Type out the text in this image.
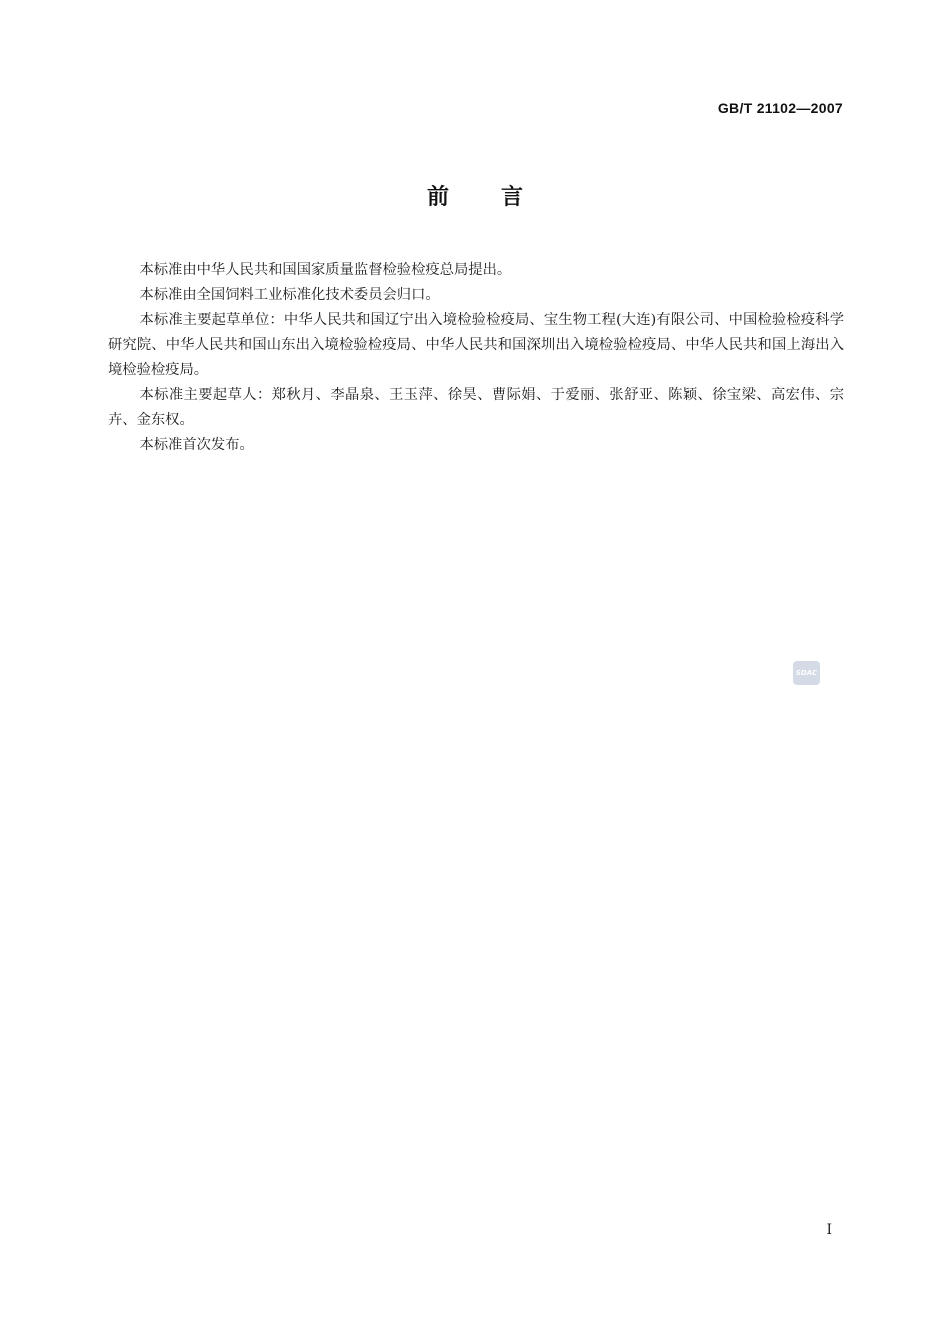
GB/T 21102—2007
前 言

本标准由中华人民共和国国家质量监督检验检疫总局提出。

本标准由全国饲料工业标准化技术委员会归口。

本标准主要起草单位：中华人民共和国辽宁出入境检验检疫局、宝生物工程(大连)有限公司、中国检验检疫科学研究院、中华人民共和国山东出入境检验检疫局、中华人民共和国深圳出入境检验检疫局、中华人民共和国上海出入境检验检疫局。

本标准主要起草人：郑秋月、李晶泉、王玉萍、徐昊、曹际娟、于爱丽、张舒亚、陈颖、徐宝梁、高宏伟、宗卉、金东权。

本标准首次发布。

SDAC
I
